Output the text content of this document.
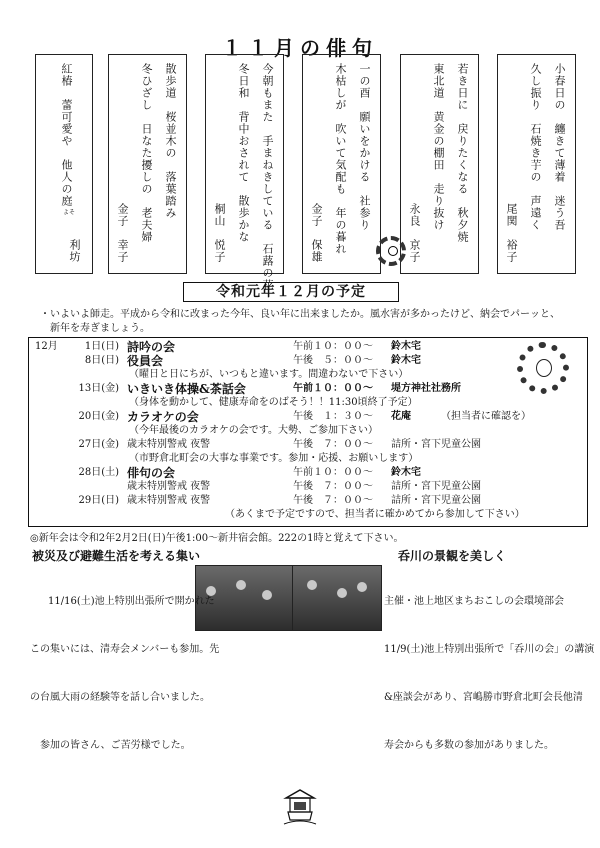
１１月の俳句
小春日の　纏きて薄着　迷う吾
久し振り　石焼き芋の　声遠く
尾関　裕子
若き日に　戻りたくなる　秋夕焼
東北道　黄金の棚田　走り抜け
永良　京子
一の酉　願いをかける　社参り
木枯しが　吹いて気配も　年の暮れ
金子　保雄
今朝もまた　手まねきしている　石蕗の花
冬日和　背中おされて　散歩かな
桐山　悦子
散歩道　桜並木の　落葉踏み
冬ひざし　日なた擾しの　老夫婦
金子　幸子
紅椿　蕾可愛や　他人の庭
よそ
利坊
令和元年１２月の予定
・いよいよ師走。平成から令和に改まった今年、良い年に出来ましたか。風水害が多かったけど、納会でパーッと、
新年を寿ぎましょう。
12月	1日(日) 詩吟の会	午前１０：００～ 鈴木宅
8日(日) 役員会	午後　５：００～ 鈴木宅
（曜日と日にちが、いつもと違います。間違わないで下さい）
13日(金) いきいき体操&茶話会	午前１０：００～ 堤方神社社務所
（身体を動かして、健康寿命をのばそう！！11:30頃終了予定）
20日(金) カラオケの会	午後　１：３０～ 花庵	（担当者に確認を）
（今年最後のカラオケの会です。大勢、ご参加下さい）
27日(金) 歳末特別警戒 夜警	午後　７：００～ 詰所・宮下児童公園
（市野倉北町会の大事な事業です。参加・応援、お願いします）
28日(土) 俳句の会	午前１０：００～ 鈴木宅
歳末特別警戒 夜警	午後　７：００～ 詰所・宮下児童公園
29日(日) 歳末特別警戒 夜警	午後　７：００～ 詰所・宮下児童公園
（あくまで予定ですので、担当者に確かめてから参加して下さい）
◎新年会は令和2年2月2日(日)午後1:00～新井宿会館。222の1時と覚えて下さい。
被災及び避難生活を考える集い

11/16(土)池上特別出張所で開かれた

この集いには、清寿会メンバーも参加。先

の台風大雨の経験等を話し合いました。

参加の皆さん、ご苦労様でした。

呑川の景観を美しく

主催・池上地区まちおこしの会環境部会

11/9(土)池上特別出張所で「呑川の会」の講演

&座談会があり、宮嶋勝市野倉北町会長他清

寿会からも多数の参加がありました。
